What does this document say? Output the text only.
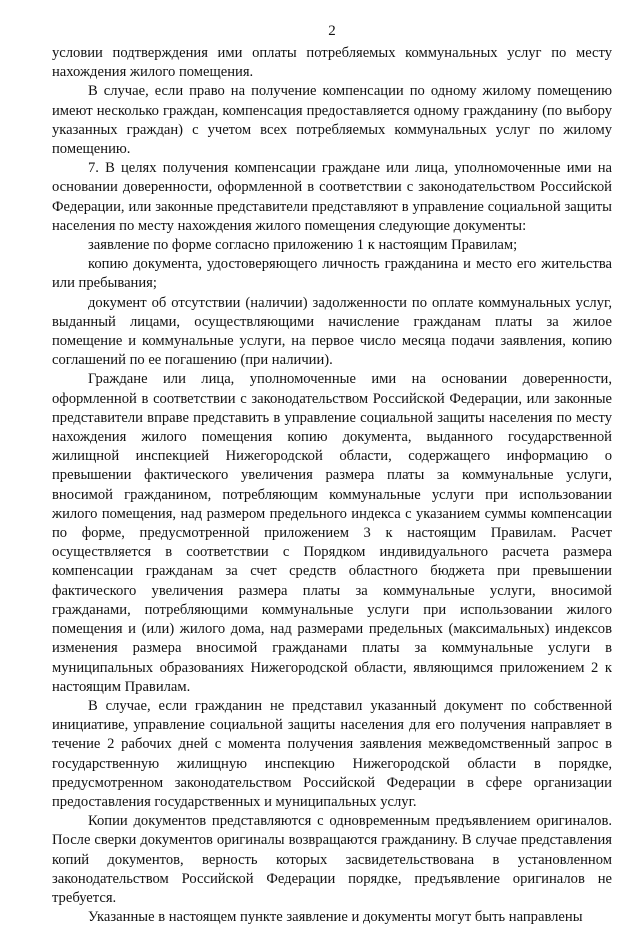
2

условии подтверждения ими оплаты потребляемых коммунальных услуг по месту нахождения жилого помещения.

В случае, если право на получение компенсации по одному жилому помещению имеют несколько граждан, компенсация предоставляется одному гражданину (по выбору указанных граждан) с учетом всех потребляемых коммунальных услуг по жилому помещению.

7. В целях получения компенсации граждане или лица, уполномоченные ими на основании доверенности, оформленной в соответствии с законодательством Российской Федерации, или законные представители представляют в управление социальной защиты населения по месту нахождения жилого помещения следующие документы:

заявление по форме согласно приложению 1 к настоящим Правилам;

копию документа, удостоверяющего личность гражданина и место его жительства или пребывания;

документ об отсутствии (наличии) задолженности по оплате коммунальных услуг, выданный лицами, осуществляющими начисление гражданам платы за жилое помещение и коммунальные услуги, на первое число месяца подачи заявления, копию соглашений по ее погашению (при наличии).

Граждане или лица, уполномоченные ими на основании доверенности, оформленной в соответствии с законодательством Российской Федерации, или законные представители вправе представить в управление социальной защиты населения по месту нахождения жилого помещения копию документа, выданного государственной жилищной инспекцией Нижегородской области, содержащего информацию о превышении фактического увеличения размера платы за коммунальные услуги, вносимой гражданином, потребляющим коммунальные услуги при использовании жилого помещения, над размером предельного индекса с указанием суммы компенсации по форме, предусмотренной приложением 3 к настоящим Правилам. Расчет осуществляется в соответствии с Порядком индивидуального расчета размера компенсации гражданам за счет средств областного бюджета при превышении фактического увеличения размера платы за коммунальные услуги, вносимой гражданами, потребляющими коммунальные услуги при использовании жилого помещения и (или) жилого дома, над размерами предельных (максимальных) индексов изменения размера вносимой гражданами платы за коммунальные услуги в муниципальных образованиях Нижегородской области, являющимся приложением 2 к настоящим Правилам.

В случае, если гражданин не представил указанный документ по собственной инициативе, управление социальной защиты населения для его получения направляет в течение 2 рабочих дней с момента получения заявления межведомственный запрос в государственную жилищную инспекцию Нижегородской области в порядке, предусмотренном законодательством Российской Федерации в сфере организации предоставления государственных и муниципальных услуг.

Копии документов представляются с одновременным предъявлением оригиналов. После сверки документов оригиналы возвращаются гражданину. В случае представления копий документов, верность которых засвидетельствована в установленном законодательством Российской Федерации порядке, предъявление оригиналов не требуется.

Указанные в настоящем пункте заявление и документы могут быть направлены
